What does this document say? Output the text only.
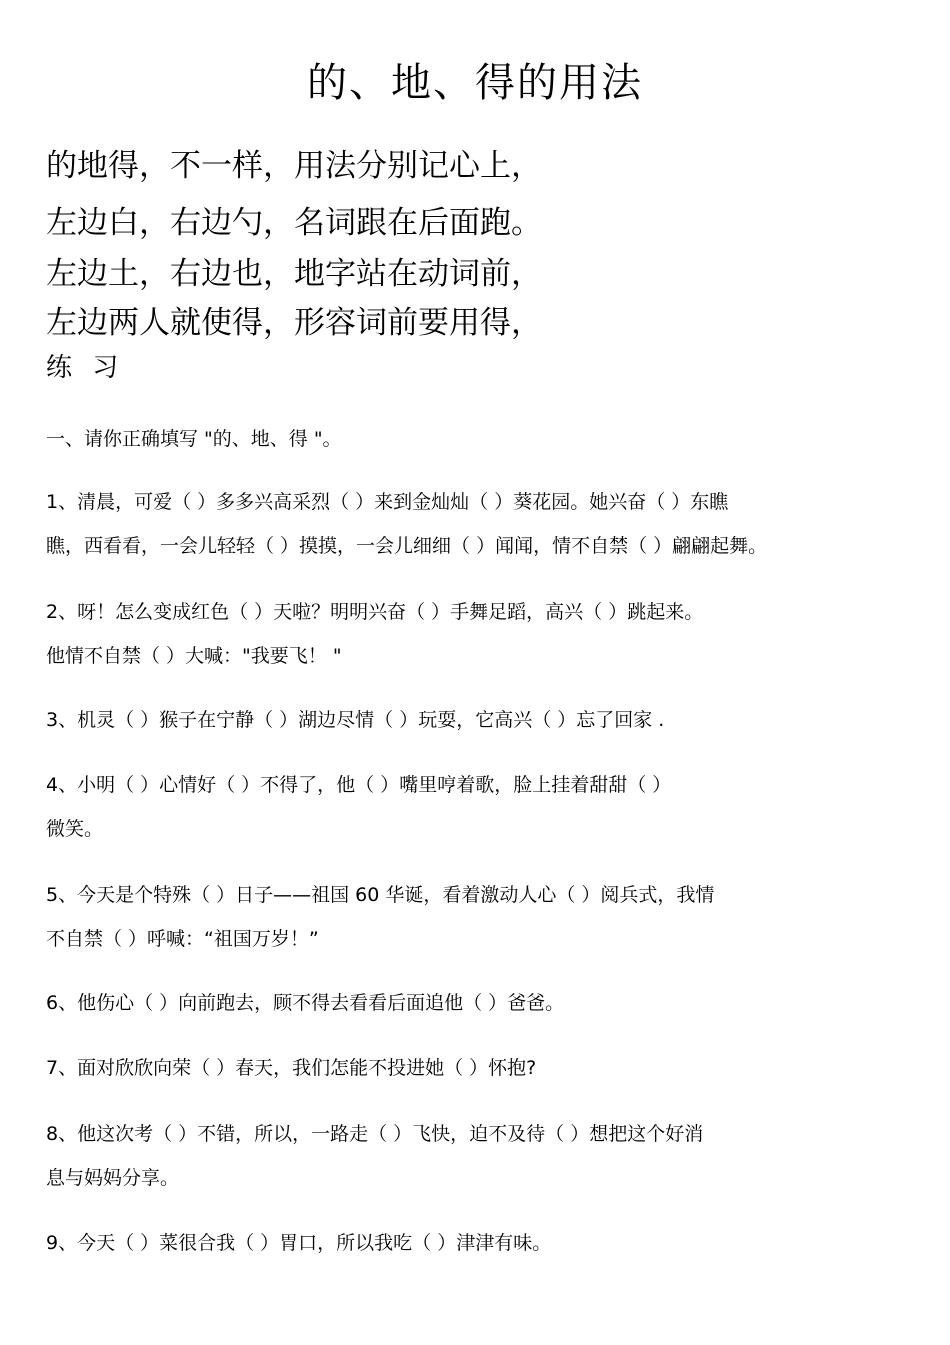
的、地、得的用法
的地得，不一样，用法分别记心上，
左边白，右边勺，名词跟在后面跑。
左边土，右边也，地字站在动词前，
左边两人就使得，形容词前要用得，
练 习
一、请你正确填写 "的、地、得 "。
1、清晨，可爱（ ）多多兴高采烈（ ）来到金灿灿（ ）葵花园。她兴奋（ ）东瞧
瞧，西看看，一会儿轻轻（ ）摸摸，一会儿细细（ ）闻闻，情不自禁（ ）翩翩起舞。
2、呀！怎么变成红色（ ）天啦？明明兴奋（ ）手舞足蹈，高兴（ ）跳起来。
他情不自禁（ ）大喊："我要飞！ "
3、机灵（ ）猴子在宁静（ ）湖边尽情（ ）玩耍，它高兴（ ）忘了回家 .
4、小明（ ）心情好（ ）不得了，他（ ）嘴里哼着歌，脸上挂着甜甜（ ）
微笑。
5、今天是个特殊（ ）日子——祖国 60 华诞，看着激动人心（ ）阅兵式，我情
不自禁（ ）呼喊：“祖国万岁！”
6、他伤心（ ）向前跑去，顾不得去看看后面追他（ ）爸爸。
7、面对欣欣向荣（ ）春天，我们怎能不投进她（ ）怀抱?
8、他这次考（ ）不错，所以，一路走（ ）飞快，迫不及待（ ）想把这个好消
息与妈妈分享。
9、今天（ ）菜很合我（ ）胃口，所以我吃（ ）津津有味。
